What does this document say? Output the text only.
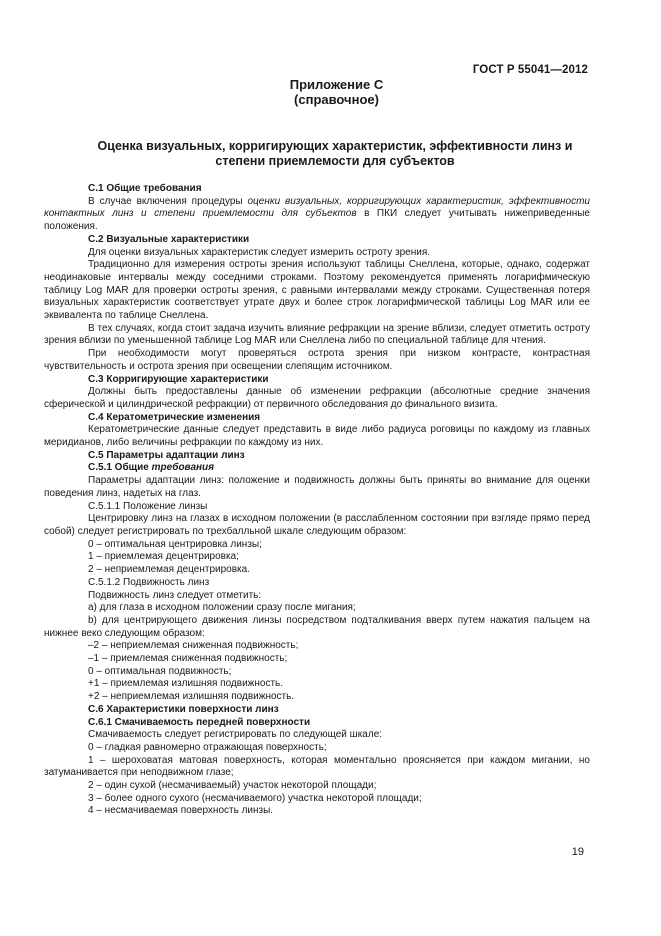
ГОСТ Р 55041—2012
Приложение С
(справочное)
Оценка визуальных, корригирующих характеристик, эффективности линз и
степени приемлемости для субъектов

С.1 Общие требования

В случае включения процедуры оценки визуальных, корригирующих характеристик, эффективности контактных линз и степени приемлемости для субъектов в ПКИ следует учитывать нижеприведенные положения.

С.2 Визуальные характеристики

Для оценки визуальных характеристик следует измерить остроту зрения.

Традиционно для измерения остроты зрения используют таблицы Снеллена, которые, однако, содержат неодинаковые интервалы между соседними строками. Поэтому рекомендуется применять логарифмическую таблицу Log MAR для проверки остроты зрения, с равными интервалами между строками. Существенная потеря визуальных характеристик соответствует утрате двух и более строк логарифмической таблицы Log MAR или ее эквивалента по таблице Снеллена.

В тех случаях, когда стоит задача изучить влияние рефракции на зрение вблизи, следует отметить остроту зрения вблизи по уменьшенной таблице Log MAR или Снеллена либо по специальной таблице для чтения.

При необходимости могут проверяться острота зрения при низком контрасте, контрастная чувствительность и острота зрения при освещении слепящим источником.

С.3 Корригирующие характеристики

Должны быть предоставлены данные об изменении рефракции (абсолютные средние значения сферической и цилиндрической рефракции) от первичного обследования до финального визита.

С.4 Кератометрические изменения

Кератометрические данные следует представить в виде либо радиуса роговицы по каждому из главных меридианов, либо величины рефракции по каждому из них.

С.5 Параметры адаптации линз

С.5.1 Общие требования

Параметры адаптации линз: положение и подвижность должны быть приняты во внимание для оценки поведения линз, надетых на глаз.

С.5.1.1 Положение линзы

Центрировку линз на глазах в исходном положении (в расслабленном состоянии при взгляде прямо перед собой) следует регистрировать по трехбалльной шкале следующим образом:

0 – оптимальная центрировка линзы;

1 – приемлемая децентрировка;

2 – неприемлемая децентрировка.

С.5.1.2 Подвижность линз

Подвижность линз следует отметить:

а) для глаза в исходном положении сразу после мигания;

b) для центрирующего движения линзы посредством подталкивания вверх путем нажатия пальцем на нижнее веко следующим образом:

–2 – неприемлемая сниженная подвижность;

–1 – приемлемая сниженная подвижность;

0 – оптимальная подвижность;

+1 – приемлемая излишняя подвижность.

+2 – неприемлемая излишняя подвижность.

С.6 Характеристики поверхности линз

С.6.1 Смачиваемость передней поверхности

Смачиваемость следует регистрировать по следующей шкале:

0 – гладкая равномерно отражающая поверхность;

1 – шероховатая матовая поверхность, которая моментально проясняется при каждом мигании, но затуманивается при неподвижном глазе;

2 – один сухой (несмачиваемый) участок некоторой площади;

3 – более одного сухого (несмачиваемого) участка некоторой площади;

4 – несмачиваемая поверхность линзы.

19
